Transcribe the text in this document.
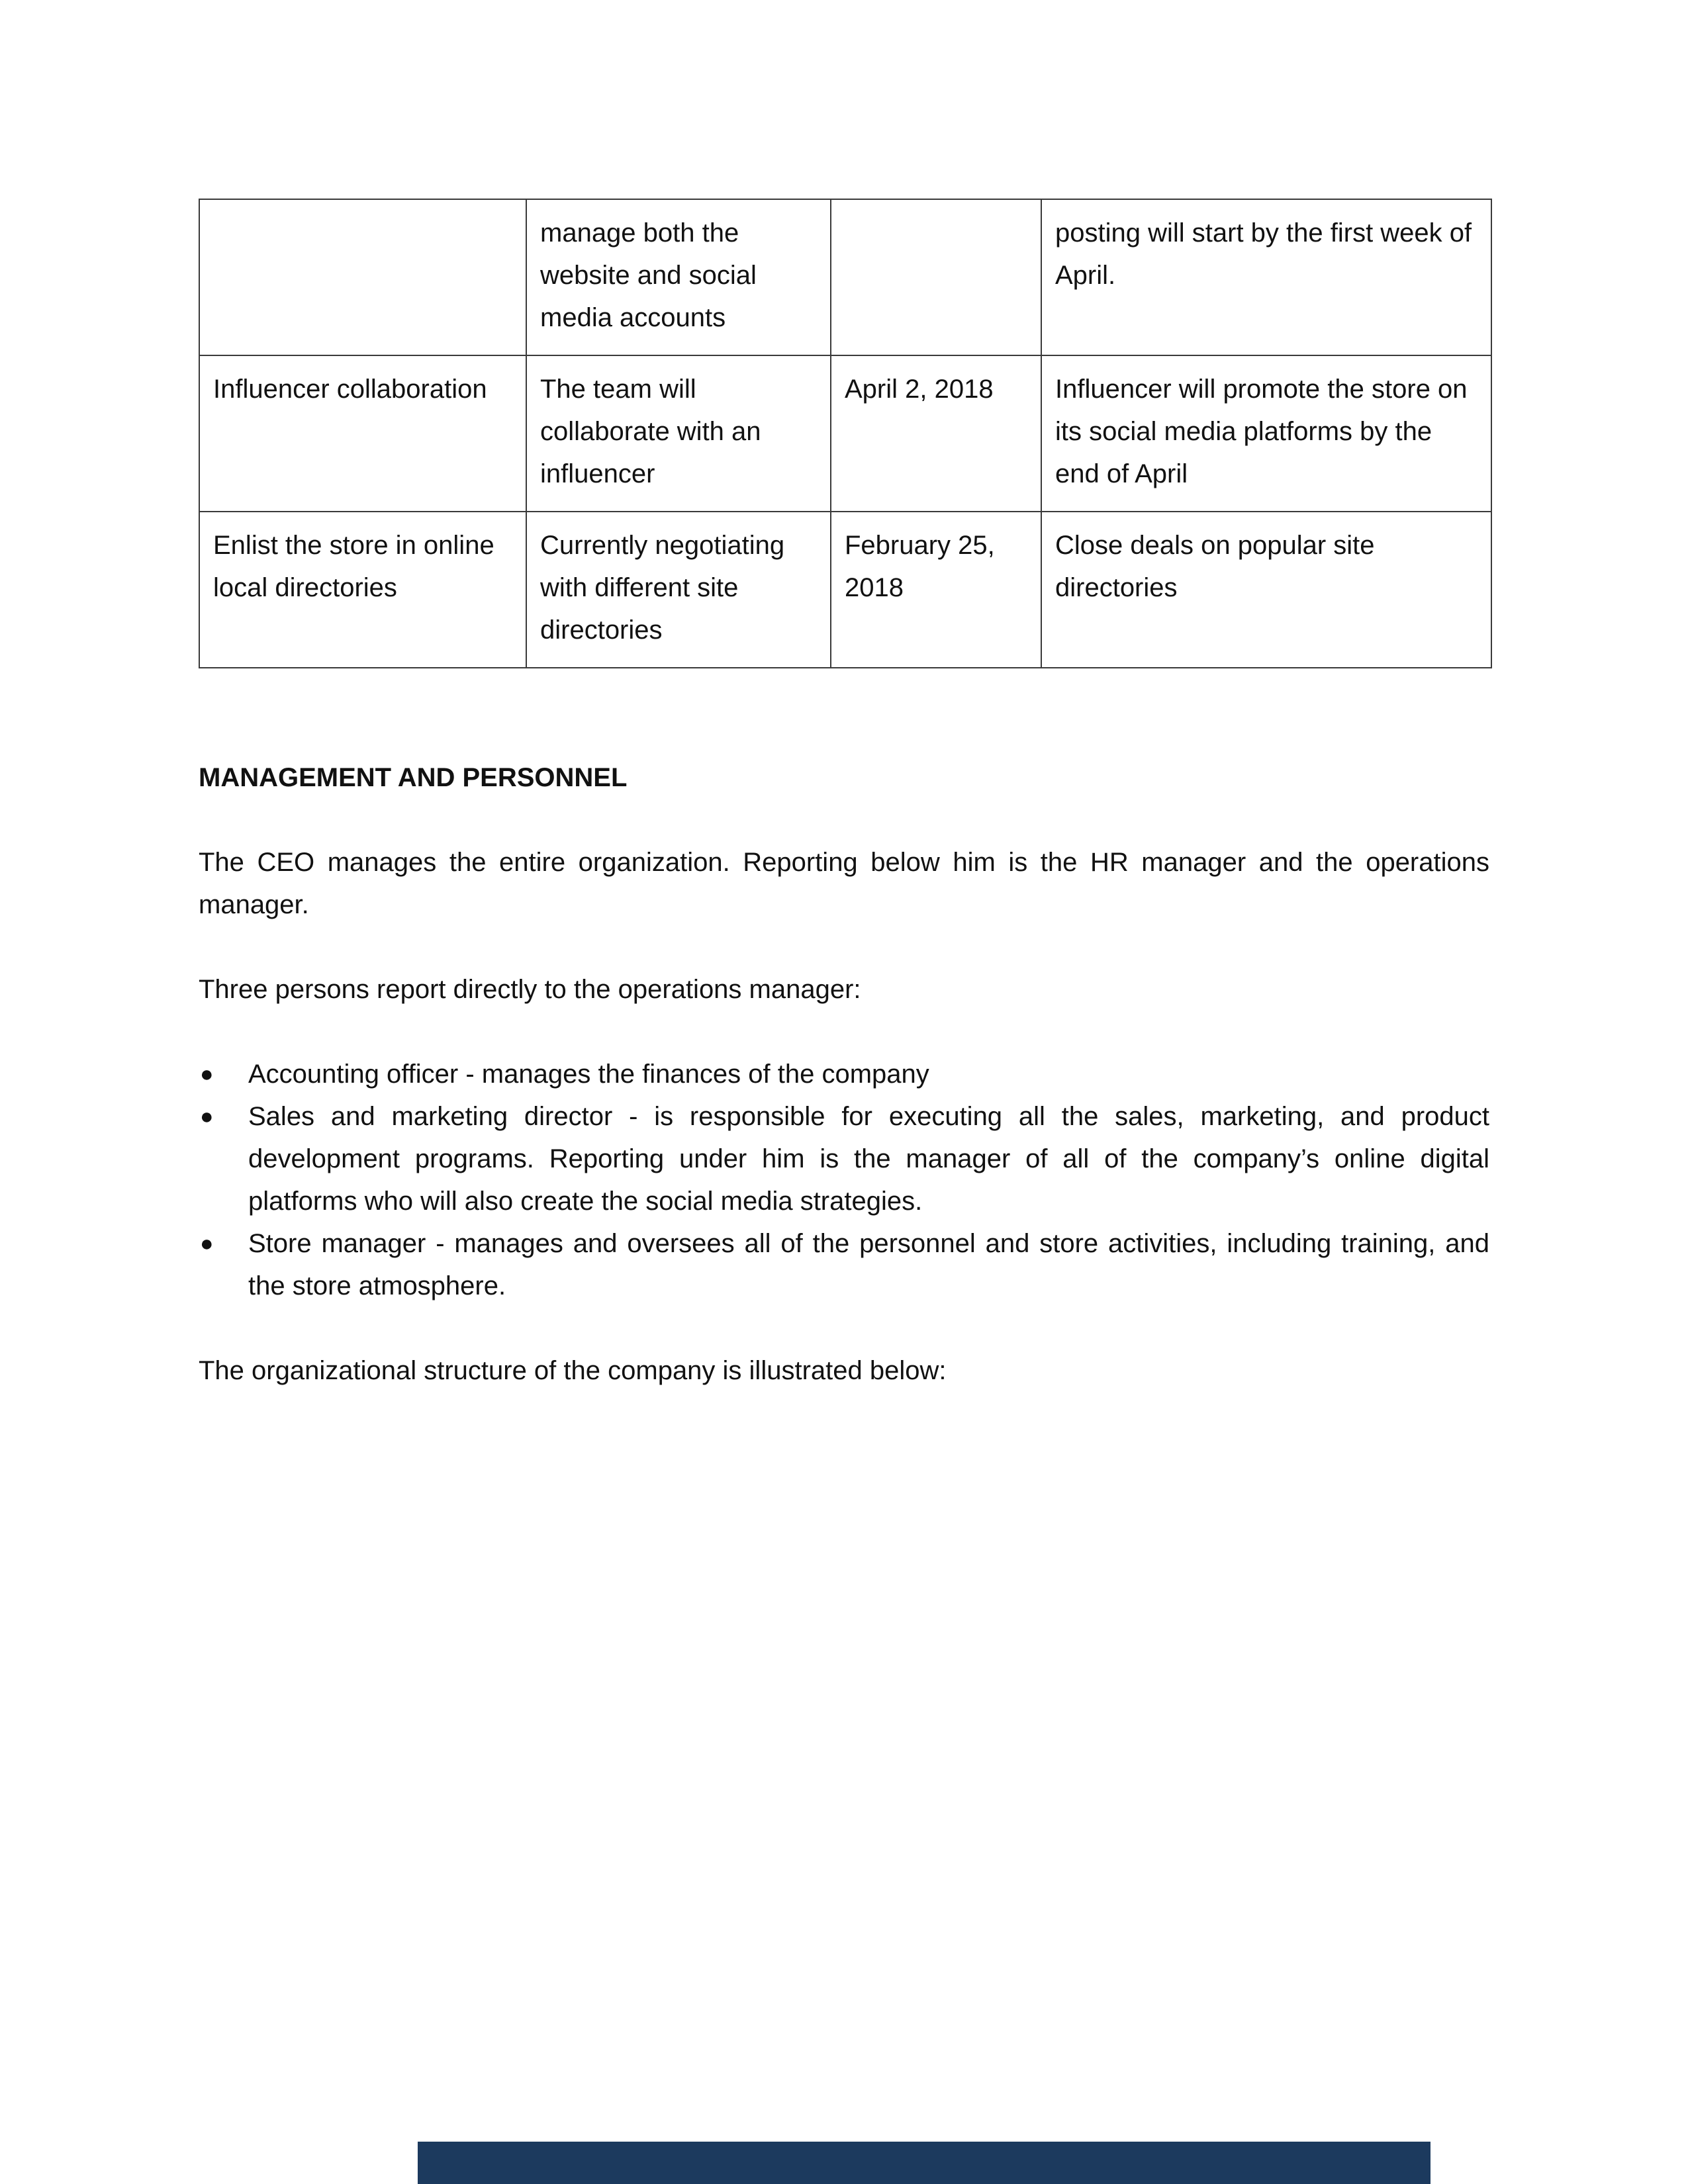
	manage both the website and social media accounts		posting will start by the first week of April.
Influencer collaboration	The team will collaborate with an influencer	April 2, 2018	Influencer will promote the store on its social media platforms by the end of April
Enlist the store in online local directories	Currently negotiating with different site directories	February 25, 2018	Close deals on popular site directories
MANAGEMENT AND PERSONNEL

The CEO manages the entire organization. Reporting below him is the HR manager and the operations manager.

Three persons report directly to the operations manager:

● Accounting officer - manages the finances of the company
● Sales and marketing director - is responsible for executing all the sales, marketing, and product development programs. Reporting under him is the manager of all of the company’s online digital platforms who will also create the social media strategies.
● Store manager - manages and oversees all of the personnel and store activities, including training, and the store atmosphere.

The organizational structure of the company is illustrated below:
